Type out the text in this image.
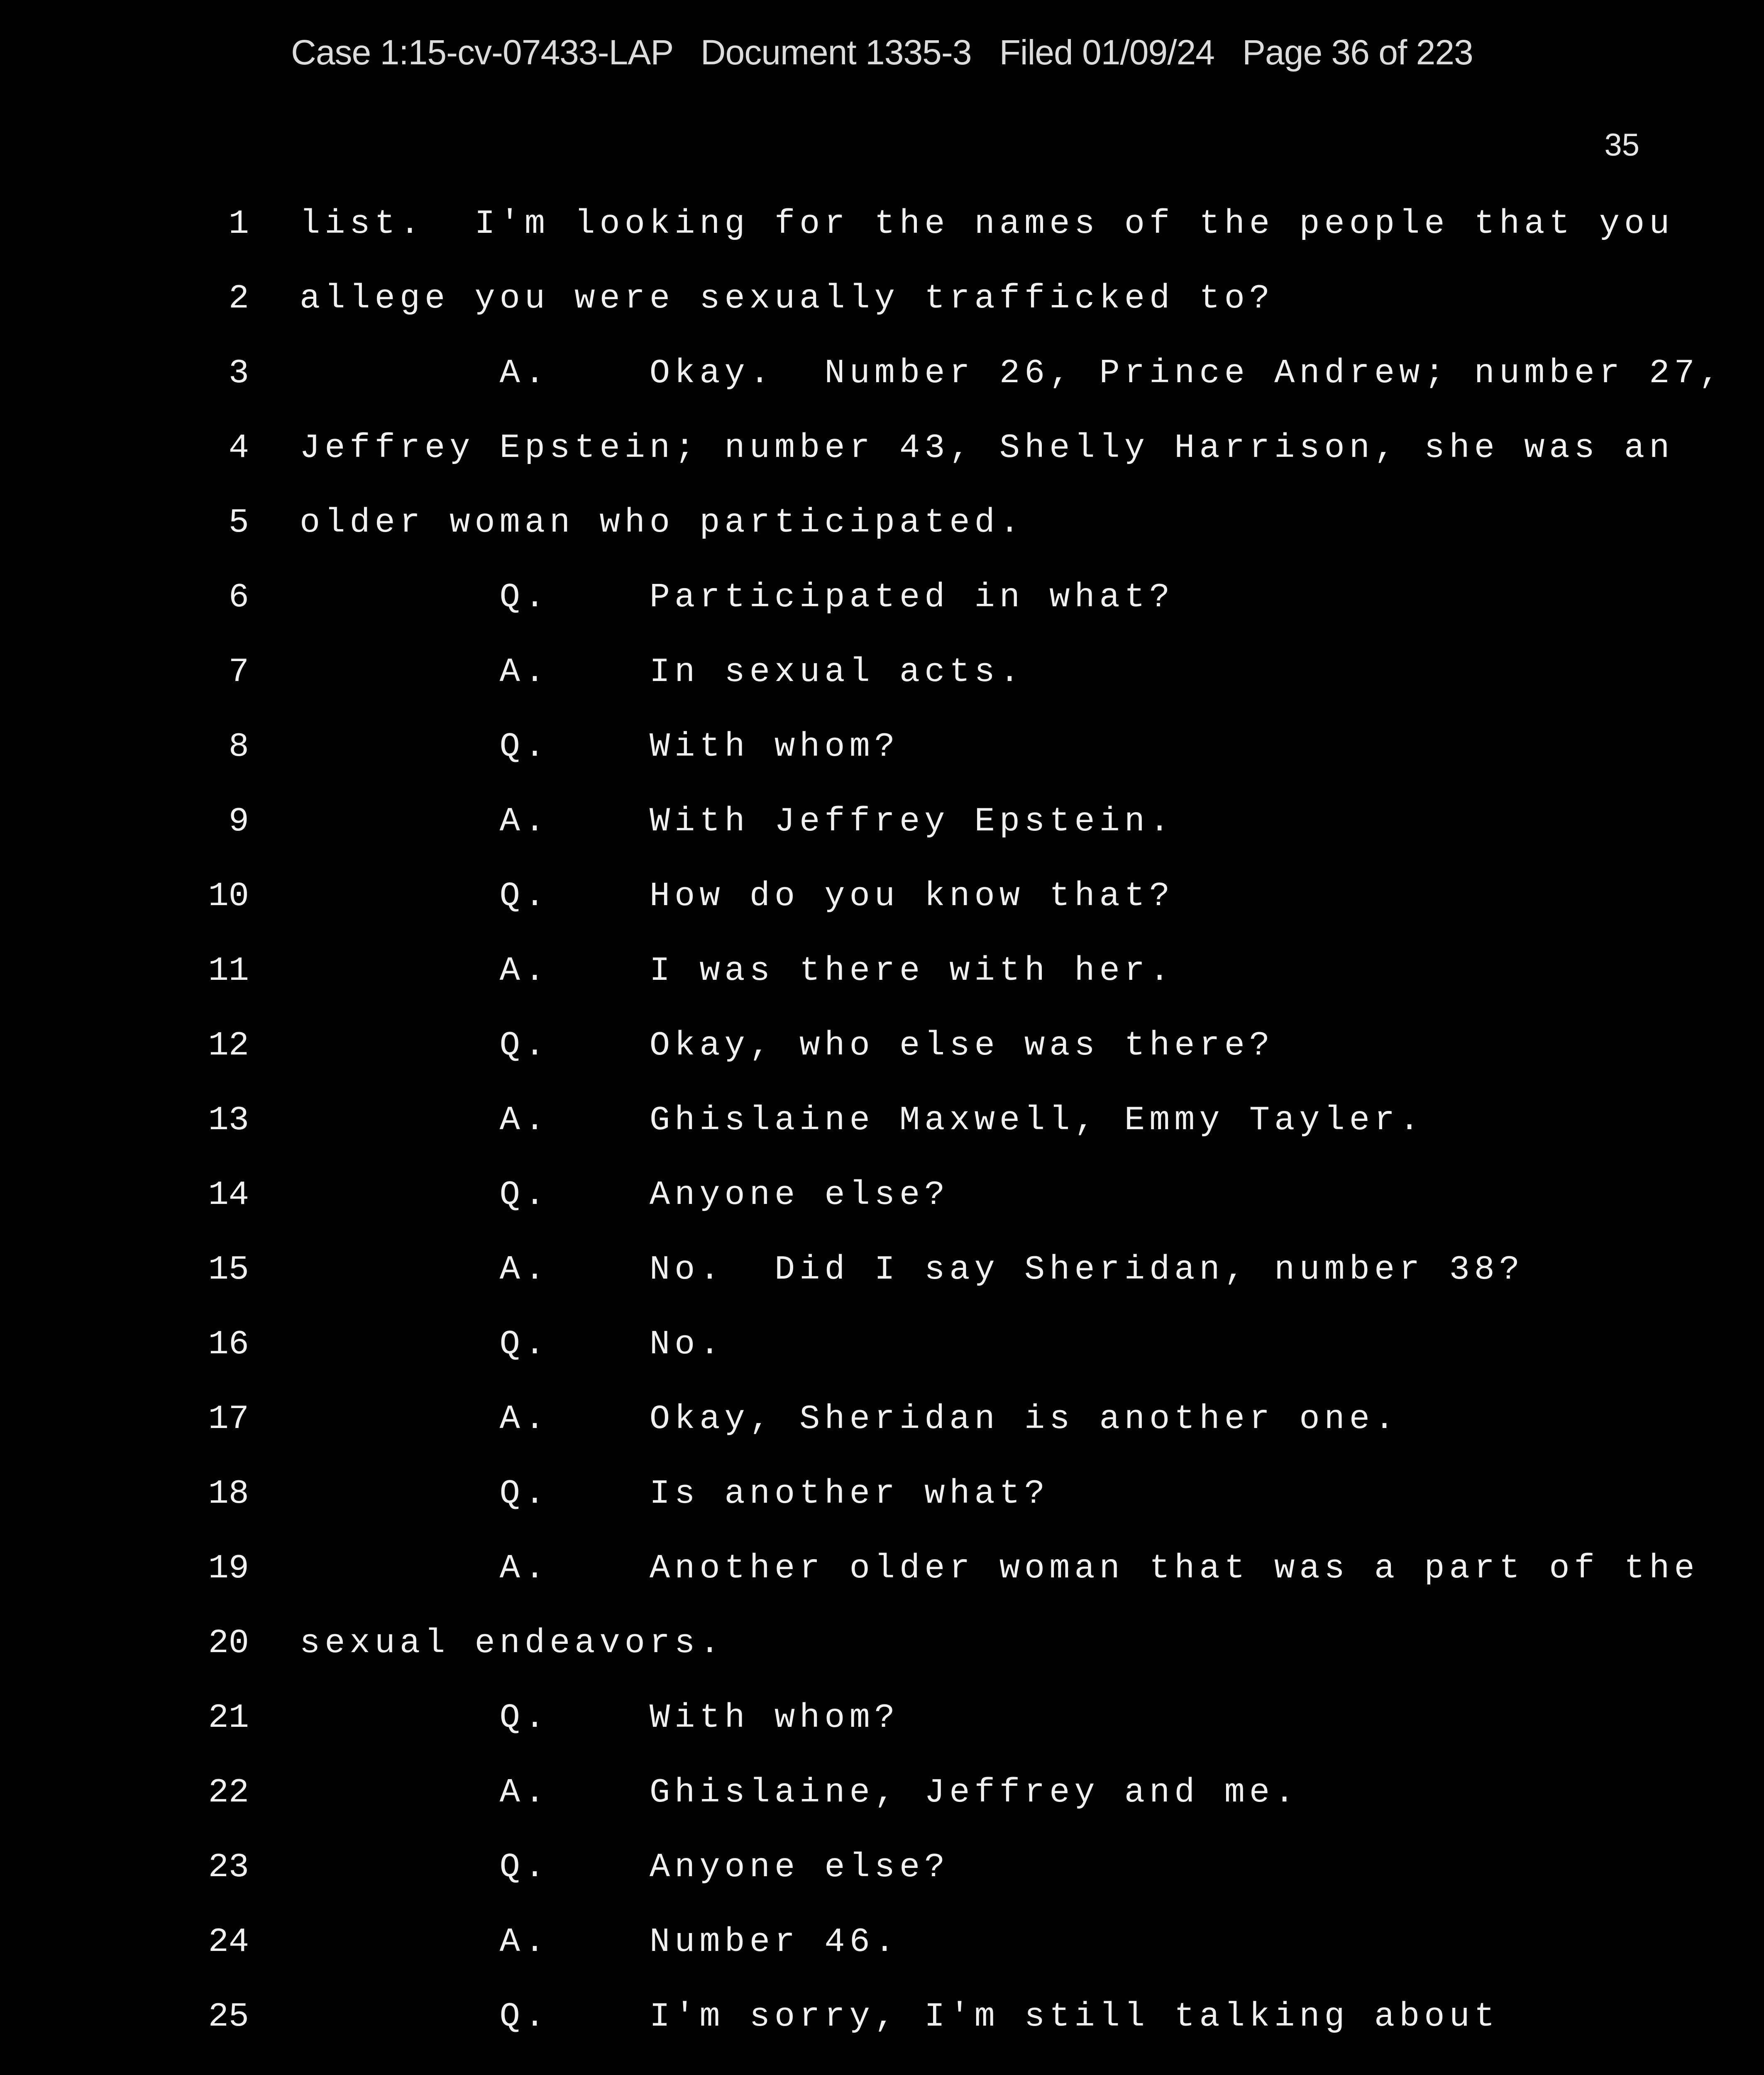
Case 1:15-cv-07433-LAP   Document 1335-3   Filed 01/09/24   Page 36 of 223
35
1 list.  I'm looking for the names of the people that you
2 allege you were sexually trafficked to?
3 A.    Okay.  Number 26, Prince Andrew; number 27,
4 Jeffrey Epstein; number 43, Shelly Harrison, she was an
5 older woman who participated.
6 Q.    Participated in what?
7 A.    In sexual acts.
8 Q.    With whom?
9 A.    With Jeffrey Epstein.
10 Q.    How do you know that?
11 A.    I was there with her.
12 Q.    Okay, who else was there?
13 A.    Ghislaine Maxwell, Emmy Tayler.
14 Q.    Anyone else?
15 A.    No.  Did I say Sheridan, number 38?
16 Q.    No.
17 A.    Okay, Sheridan is another one.
18 Q.    Is another what?
19 A.    Another older woman that was a part of the
20 sexual endeavors.
21 Q.    With whom?
22 A.    Ghislaine, Jeffrey and me.
23 Q.    Anyone else?
24 A.    Number 46.
25 Q.    I'm sorry, I'm still talking about
